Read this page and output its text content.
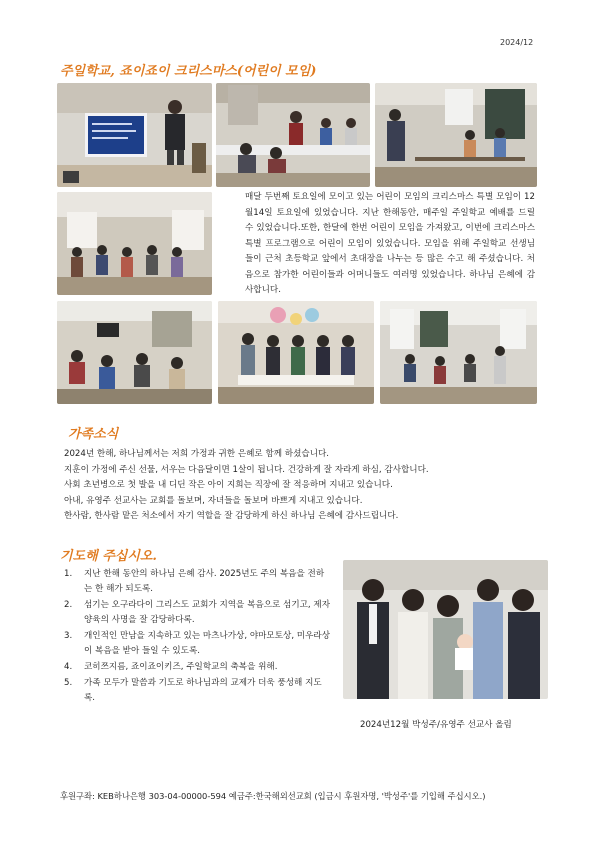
2024/12
주일학교, 죠이죠이 크리스마스(어린이 모임)
매달 두번째 토요일에 모이고 있는 어린이 모임의 크리스마스 특별 모임이 12월14일 토요일에 있었습니다. 지난 한해동안, 매주일 주일학교 예배를 드릴 수 있었습니다.또한, 한달에 한번 어린이 모임을 가져왔고, 이번에 크리스마스 특별 프로그램으로 어린이 모임이 있었습니다. 모임을 위해 주일학교 선생님들이 근처 초등학교 앞에서 초대장을 나누는 등 많은 수고 해 주셨습니다. 처음으로 참가한 어린이들과 어머니들도 여러명 있었습니다. 하나님 은혜에 감사합니다.
가족소식
2024년 한해, 하나님께서는 저희 가정과 귀한 은혜로 함께 하셨습니다.
지훈이 가정에 주신 선물, 서우는 다음달이면 1살이 됩니다. 건강하게 잘 자라게 하심, 감사합니다.
사회 초년병으로 첫 발을 내 디딘 작은 아이 지희는 직장에 잘 적응하며 지내고 있습니다.
아내, 유영주 선교사는 교회를 돌보며, 자녀들을 돌보며 바쁘게 지내고 있습니다.
한사람, 한사람 맡은 처소에서 자기 역할을 잘 감당하게 하신 하나님 은혜에 감사드립니다.
기도해 주십시오.
1.	지난 한해 동안의 하나님 은혜 감사. 2025년도 주의 복음을 전하는 한 해가 되도록.
2.	섬기는 오구라다이 그리스도 교회가 지역을 복음으로 섬기고, 제자양육의 사명을 잘 감당하다록.
3.	개인적인 만남을 지속하고 있는 마츠나가상, 야마모토상, 미우라상이 복음을 받아 들일 수 있도록.
4.	코히쯔지름, 죠이죠이키즈, 주일학교의 축복을 위해.
5.	가족 모두가 말씀과 기도로 하나님과의 교제가 더욱 풍성해 지도록.
2024년12월 박성주/유영주 선교사 올림
후원구좌: KEB하나은행 303-04-00000-594 예금주:한국해외선교회 (입금시 후원자명, '박성주'를 기입해 주십시오.)
